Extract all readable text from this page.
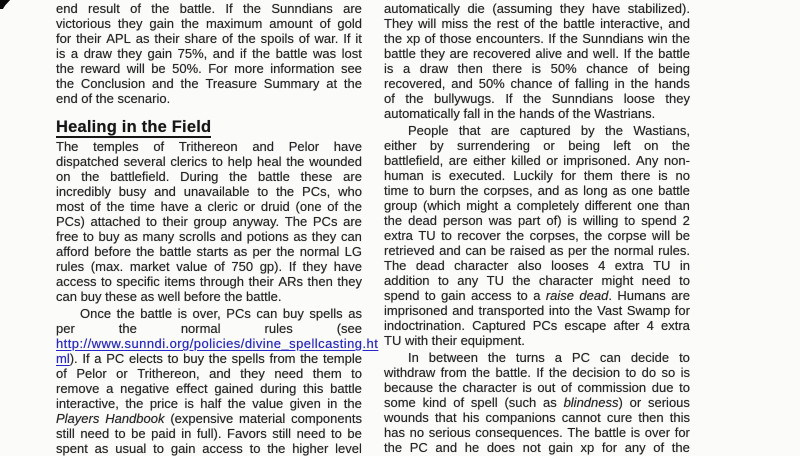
end result of the battle. If the Sunndians are
victorious they gain the maximum amount of gold
for their APL as their share of the spoils of war. If it
is a draw they gain 75%, and if the battle was lost
the reward will be 50%. For more information see
the Conclusion and the Treasure Summary at the
end of the scenario.
Healing in the Field
The temples of Trithereon and Pelor have
dispatched several clerics to help heal the wounded
on the battlefield. During the battle these are
incredibly busy and unavailable to the PCs, who
most of the time have a cleric or druid (one of the
PCs) attached to their group anyway. The PCs are
free to buy as many scrolls and potions as they can
afford before the battle starts as per the normal LG
rules (max. market value of 750 gp). If they have
access to specific items through their ARs then they
can buy these as well before the battle.
Once the battle is over, PCs can buy spells as
per	the	normal	rules	(see
http://www.sunndi.org/policies/divine_spellcasting.ht
ml). If a PC elects to buy the spells from the temple
of Pelor or Trithereon, and they need them to
remove a negative effect gained during this battle
interactive, the price is half the value given in the
Players Handbook (expensive material components
still need to be paid in full). Favors still need to be
spent as usual to gain access to the higher level
automatically die (assuming they have stabilized).
They will miss the rest of the battle interactive, and
the xp of those encounters. If the Sunndians win the
battle they are recovered alive and well. If the battle
is a draw then there is 50% chance of being
recovered, and 50% chance of falling in the hands
of the bullywugs. If the Sunndians loose they
automatically fall in the hands of the Wastrians.
People that are captured by the Wastians,
either by surrendering or being left on the
battlefield, are either killed or imprisoned. Any non-
human is executed. Luckily for them there is no
time to burn the corpses, and as long as one battle
group (which might a completely different one than
the dead person was part of) is willing to spend 2
extra TU to recover the corpses, the corpse will be
retrieved and can be raised as per the normal rules.
The dead character also looses 4 extra TU in
addition to any TU the character might need to
spend to gain access to a raise dead. Humans are
imprisoned and transported into the Vast Swamp for
indoctrination. Captured PCs escape after 4 extra
TU with their equipment.
In between the turns a PC can decide to
withdraw from the battle. If the decision to do so is
because the character is out of commission due to
some kind of spell (such as blindness) or serious
wounds that his companions cannot cure then this
has no serious consequences. The battle is over for
the PC and he does not gain xp for any of the
